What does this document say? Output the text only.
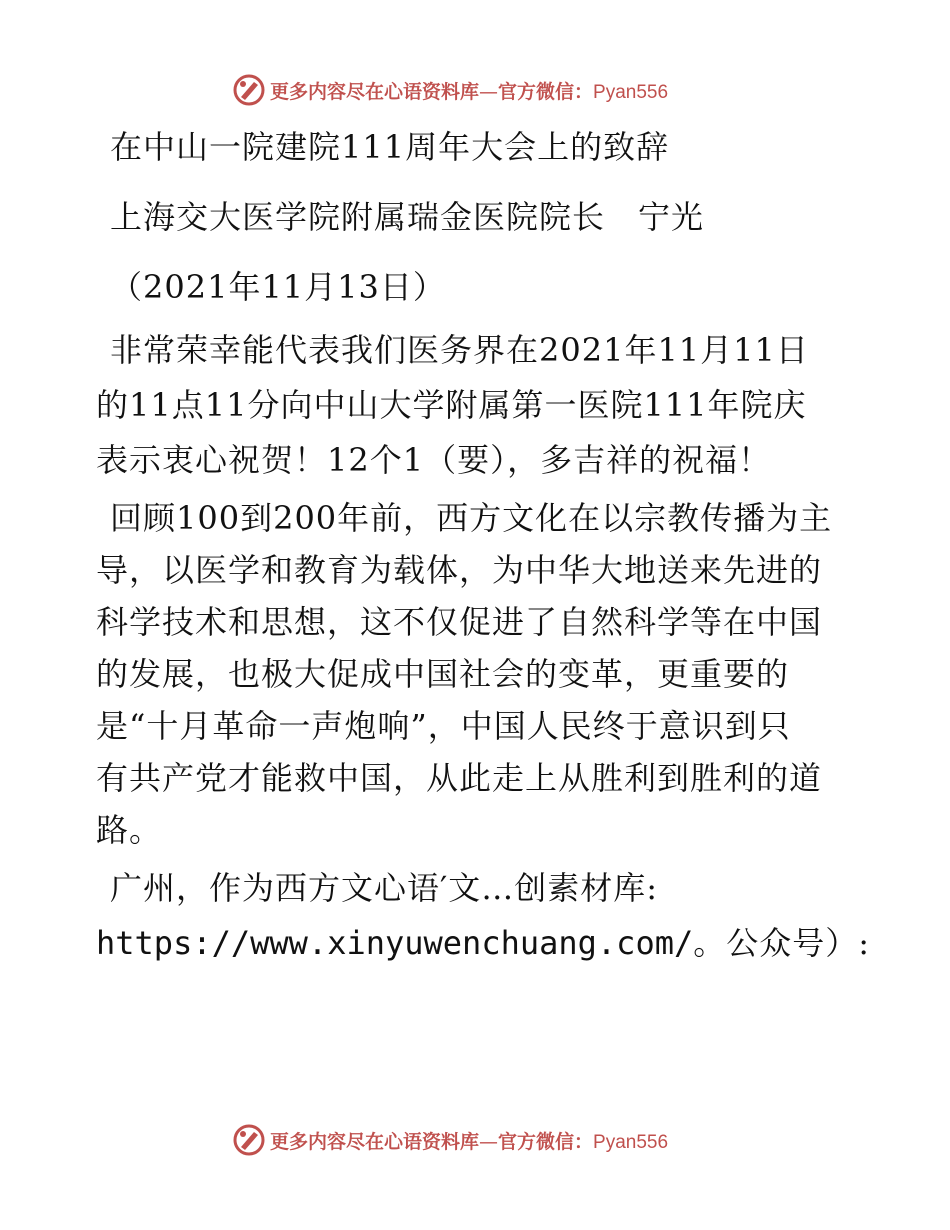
更多内容尽在心语资料库—官方微信：Pyan556
在中山一院建院111周年大会上的致辞
上海交大医学院附属瑞金医院院长　宁光
（2021年11月13日）
非常荣幸能代表我们医务界在2021年11月11日
的11点11分向中山大学附属第一医院111年院庆
表示衷心祝贺！12个1（要），多吉祥的祝福！
回顾100到200年前，西方文化在以宗教传播为主
导，以医学和教育为载体，为中华大地送来先进的
科学技术和思想，这不仅促进了自然科学等在中国
的发展，也极大促成中国社会的变革，更重要的
是“十月革命一声炮响”，中国人民终于意识到只
有共产党才能救中国，从此走上从胜利到胜利的道
路。
广州，作为西方文心语′文…创素材库:
https://www.xinyuwenchuang.com/。公众号）:
更多内容尽在心语资料库—官方微信：Pyan556
